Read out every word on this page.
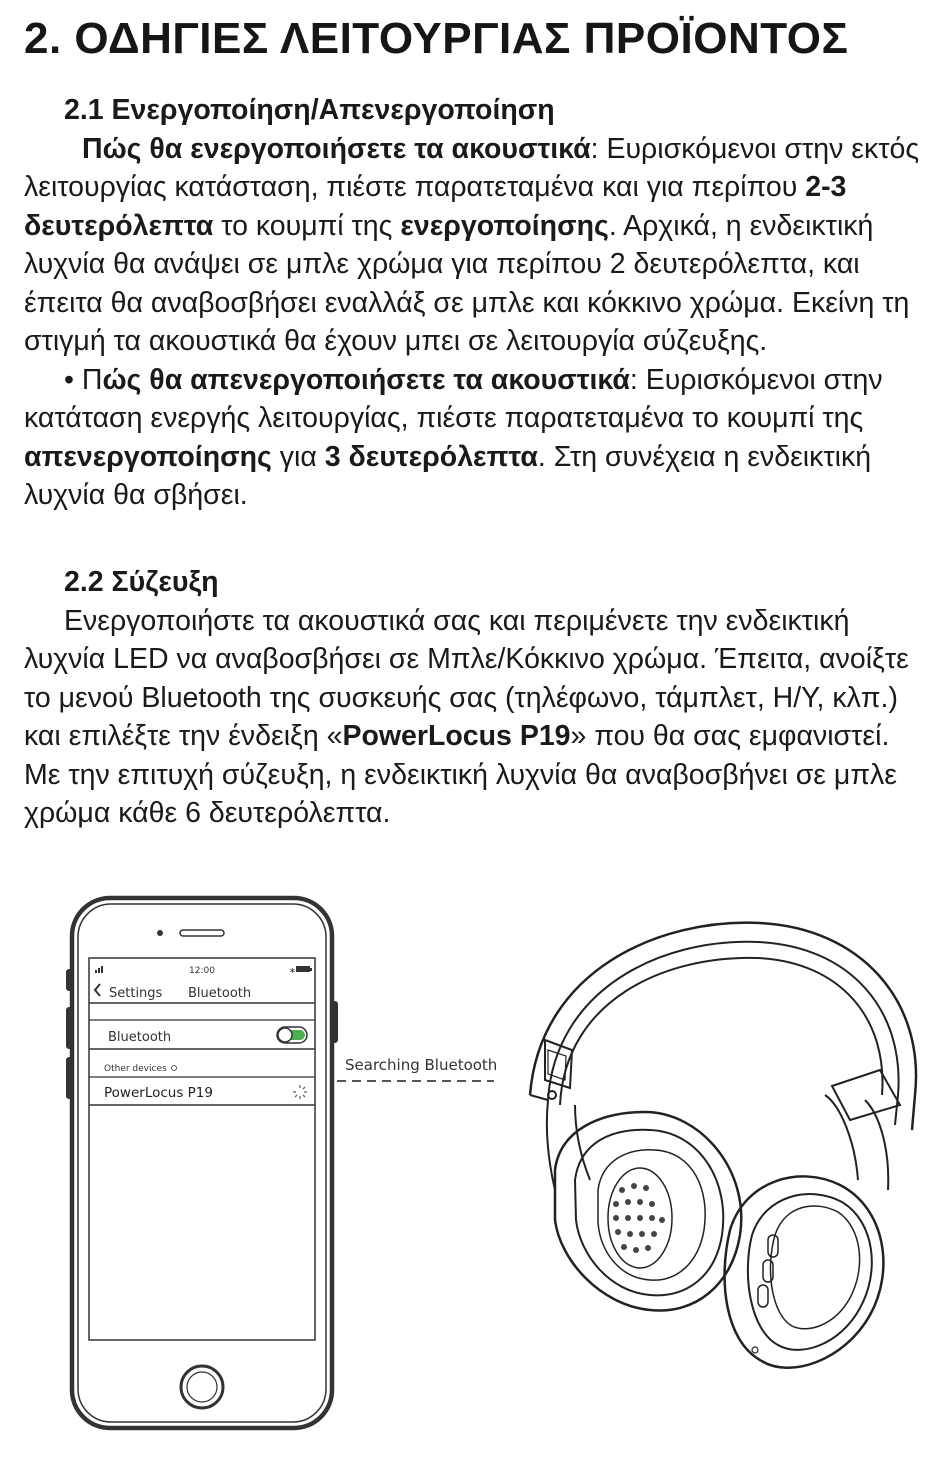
2. ΟΔΗΓΙΕΣ ΛΕΙΤΟΥΡΓΙΑΣ ΠΡΟΪΟΝΤΟΣ
2.1 Ενεργοποίηση/Απενεργοποίηση

Πώς θα ενεργοποιήσετε τα ακουστικά: Ευρισκόμενοι στην εκτός λειτουργίας κατάσταση, πιέστε παρατεταμένα και για περίπου 2-3 δευτερόλεπτα το κουμπί της ενεργοποίησης. Αρχικά, η ενδεικτική λυχνία θα ανάψει σε μπλε χρώμα για περίπου 2 δευτερόλεπτα, και έπειτα θα αναβοσβήσει εναλλάξ σε μπλε και κόκκινο χρώμα. Εκείνη τη στιγμή τα ακουστικά θα έχουν μπει σε λειτουργία σύζευξης.

• Πώς θα απενεργοποιήσετε τα ακουστικά: Ευρισκόμενοι στην κατάταση ενεργής λειτουργίας, πιέστε παρατεταμένα το κουμπί της απενεργοποίησης για 3 δευτερόλεπτα. Στη συνέχεια η ενδεικτική λυχνία θα σβήσει.

2.2 Σύζευξη

Ενεργοποιήστε τα ακουστικά σας και περιμένετε την ενδεικτική λυχνία LED να αναβοσβήσει σε Μπλε/Κόκκινο χρώμα. Έπειτα, ανοίξτε το μενού Bluetooth της συσκευής σας (τηλέφωνο, τάμπλετ, Η/Υ, κλπ.) και επιλέξτε την ένδειξη «PowerLocus P19» που θα σας εμφανιστεί. Με την επιτυχή σύζευξη, η ενδεικτική λυχνία θα αναβοσβήνει σε μπλε χρώμα κάθε 6 δευτερόλεπτα.

12:00	∗
Settings Bluetooth
Bluetooth
Other devices
PowerLocus P19
Searching Bluetooth
